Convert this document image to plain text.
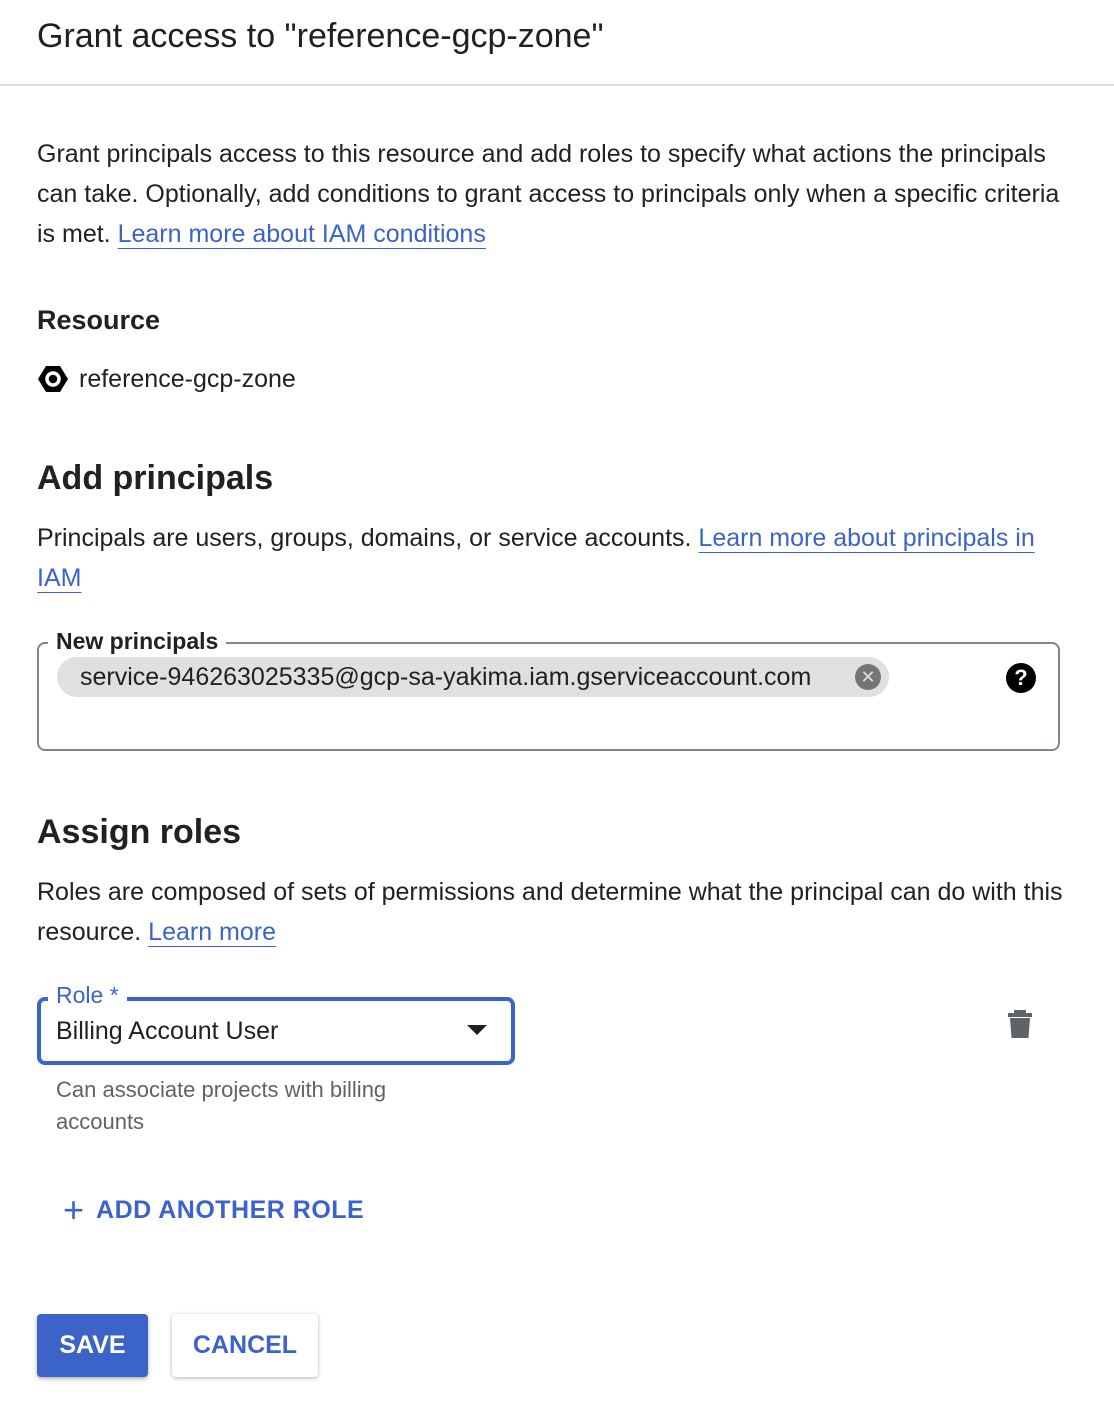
Grant access to "reference-gcp-zone"

Grant principals access to this resource and add roles to specify what actions the principals can take. Optionally, add conditions to grant access to principals only when a specific criteria is met. Learn more about IAM conditions

Resource
reference-gcp-zone
Add principals

Principals are users, groups, domains, or service accounts. Learn more about principals in IAM

New principals
service-946263025335@gcp-sa-yakima.iam.gserviceaccount.com	✕	?
Assign roles

Roles are composed of sets of permissions and determine what the principal can do with this resource. Learn more

Role *
Billing Account User
Can associate projects with billing accounts
+ ADD ANOTHER ROLE
SAVE	CANCEL
